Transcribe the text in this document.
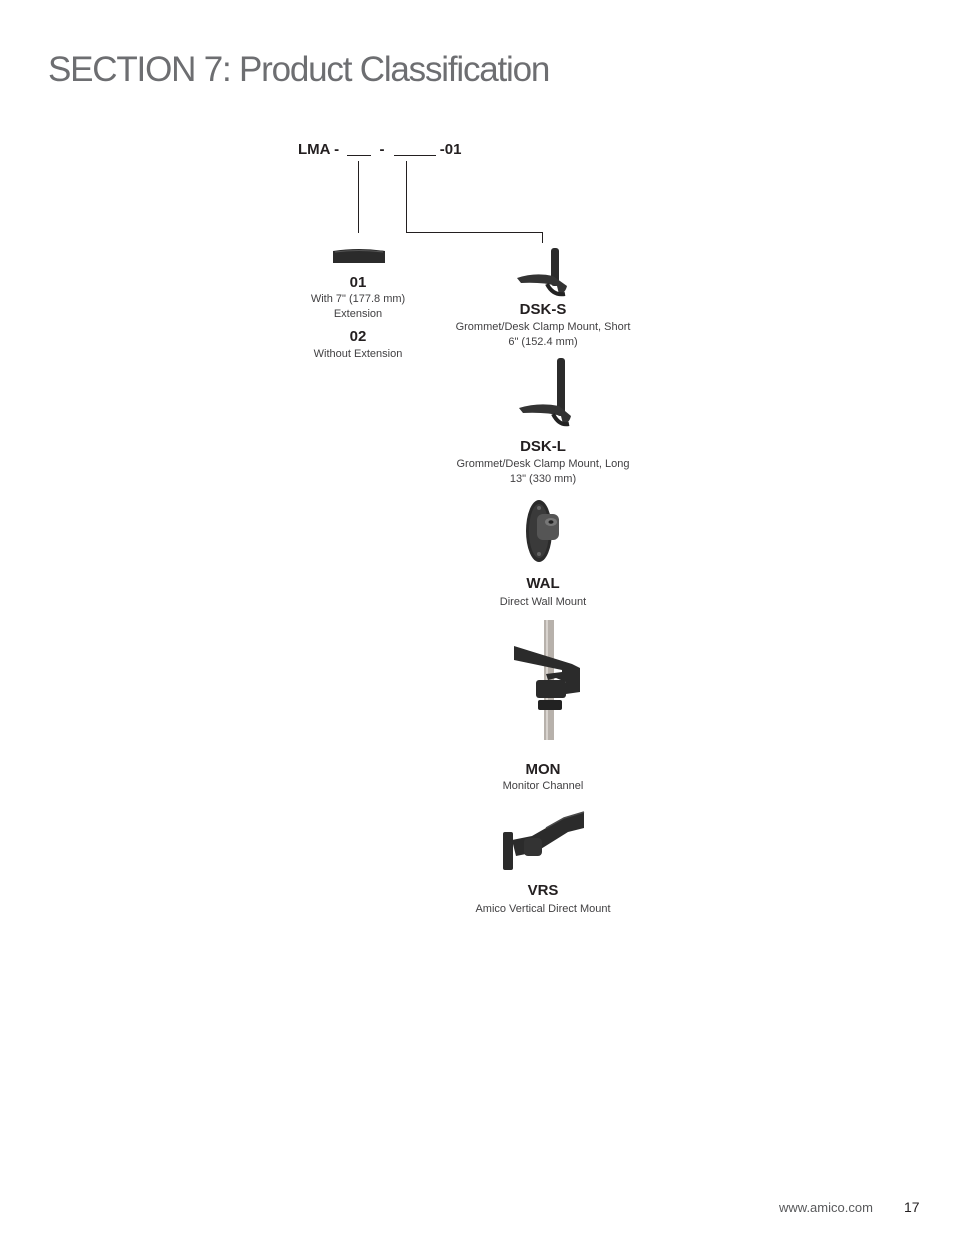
SECTION 7: Product Classification
LMA -	-	-01
01
With 7" (177.8 mm)
Extension
02
Without Extension
DSK-S
Grommet/Desk Clamp Mount, Short
6" (152.4 mm)
DSK-L
Grommet/Desk Clamp Mount, Long
13" (330 mm)
WAL
Direct Wall Mount
MON
Monitor Channel
VRS
Amico Vertical Direct Mount
www.amico.com 17
